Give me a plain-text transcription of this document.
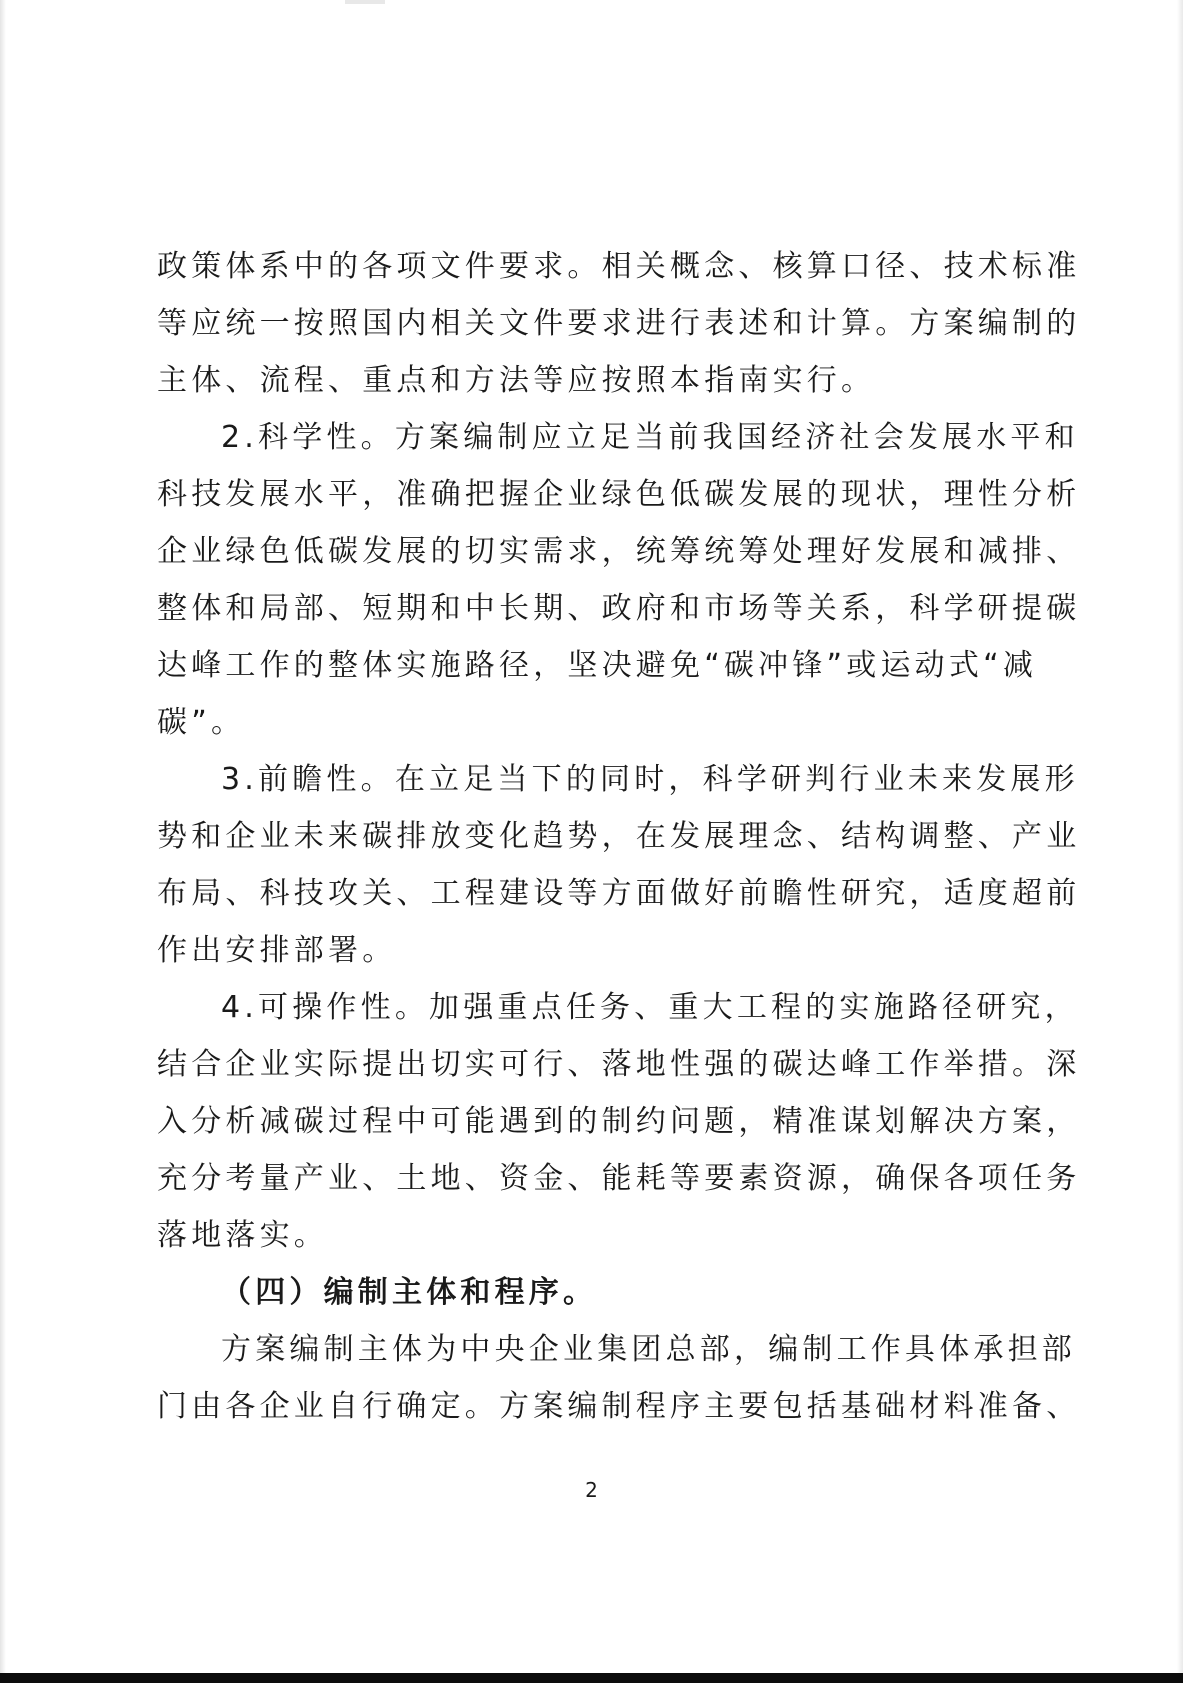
政策体系中的各项文件要求。相关概念、核算口径、技术标准
等应统一按照国内相关文件要求进行表述和计算。方案编制的
主体、流程、重点和方法等应按照本指南实行。
2.科学性。方案编制应立足当前我国经济社会发展水平和
科技发展水平，准确把握企业绿色低碳发展的现状，理性分析
企业绿色低碳发展的切实需求，统筹统筹处理好发展和减排、
整体和局部、短期和中长期、政府和市场等关系，科学研提碳
达峰工作的整体实施路径，坚决避免“碳冲锋”或运动式“减
碳”。
3.前瞻性。在立足当下的同时，科学研判行业未来发展形
势和企业未来碳排放变化趋势，在发展理念、结构调整、产业
布局、科技攻关、工程建设等方面做好前瞻性研究，适度超前
作出安排部署。
4.可操作性。加强重点任务、重大工程的实施路径研究，
结合企业实际提出切实可行、落地性强的碳达峰工作举措。深
入分析减碳过程中可能遇到的制约问题，精准谋划解决方案，
充分考量产业、土地、资金、能耗等要素资源，确保各项任务
落地落实。
（四）编制主体和程序。
方案编制主体为中央企业集团总部，编制工作具体承担部
门由各企业自行确定。方案编制程序主要包括基础材料准备、
2
